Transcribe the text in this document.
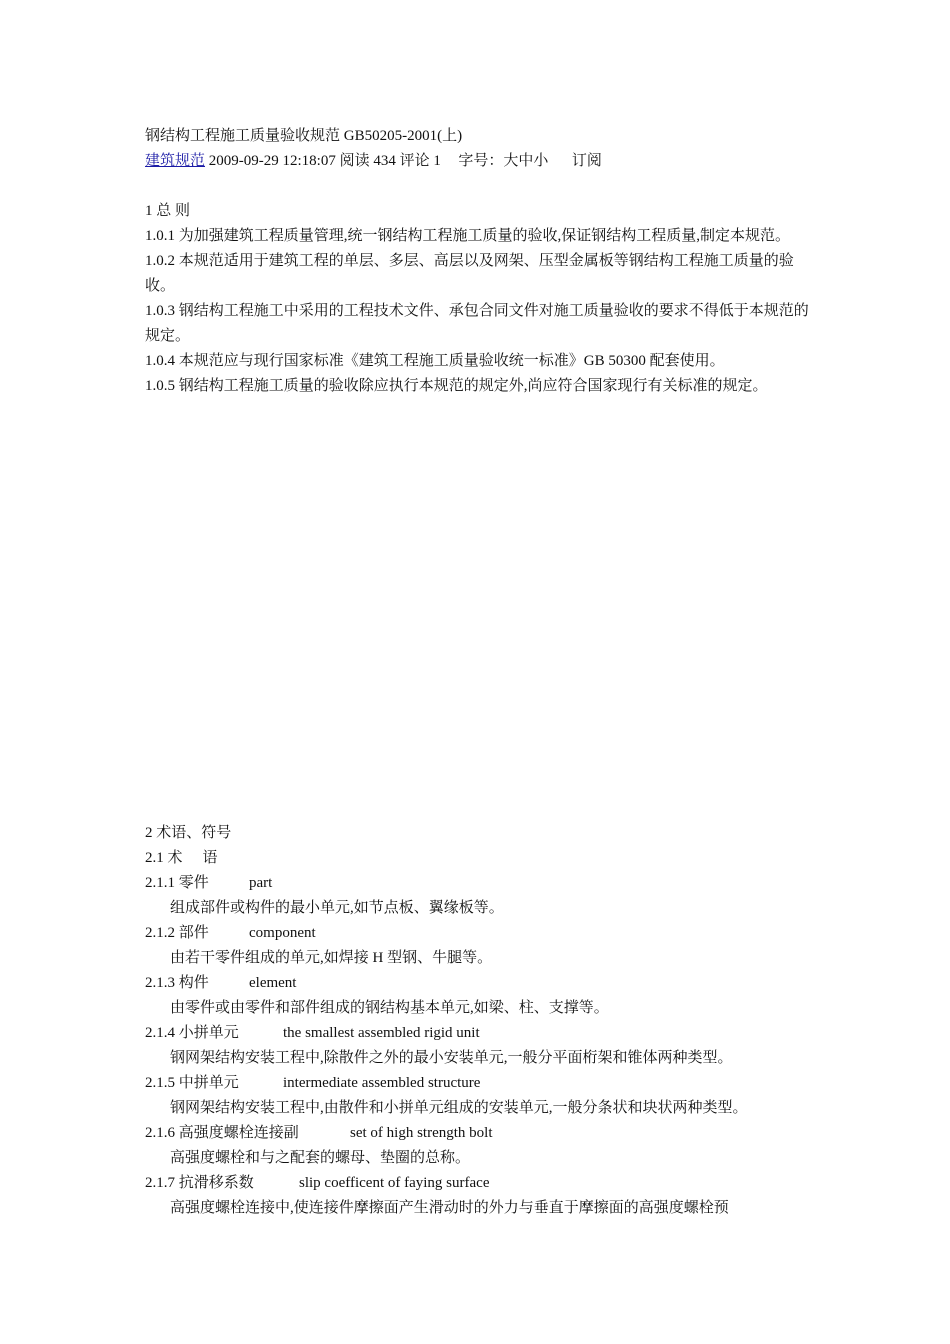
钢结构工程施工质量验收规范 GB50205-2001(上)
建筑规范 2009-09-29 12:18:07 阅读 434 评论 1 字号：大中小 订阅
1 总 则
1.0.1 为加强建筑工程质量管理,统一钢结构工程施工质量的验收,保证钢结构工程质量,制定本规范。
1.0.2 本规范适用于建筑工程的单层、多层、高层以及网架、压型金属板等钢结构工程施工质量的验收。
1.0.3 钢结构工程施工中采用的工程技术文件、承包合同文件对施工质量验收的要求不得低于本规范的规定。
1.0.4 本规范应与现行国家标准《建筑工程施工质量验收统一标准》GB 50300 配套使用。
1.0.5 钢结构工程施工质量的验收除应执行本规范的规定外,尚应符合国家现行有关标准的规定。
2 术语、符号
2.1 术 语
2.1.1 零件	part
组成部件或构件的最小单元,如节点板、翼缘板等。
2.1.2 部件	component
由若干零件组成的单元,如焊接 H 型钢、牛腿等。
2.1.3 构件	element
由零件或由零件和部件组成的钢结构基本单元,如梁、柱、支撑等。
2.1.4 小拼单元	the smallest assembled rigid unit
钢网架结构安装工程中,除散件之外的最小安装单元,一般分平面桁架和锥体两种类型。
2.1.5 中拼单元	intermediate assembled structure
钢网架结构安装工程中,由散件和小拼单元组成的安装单元,一般分条状和块状两种类型。
2.1.6 高强度螺栓连接副	set of high strength bolt
高强度螺栓和与之配套的螺母、垫圈的总称。
2.1.7 抗滑移系数	slip coefficent of faying surface
高强度螺栓连接中,使连接件摩擦面产生滑动时的外力与垂直于摩擦面的高强度螺栓预
